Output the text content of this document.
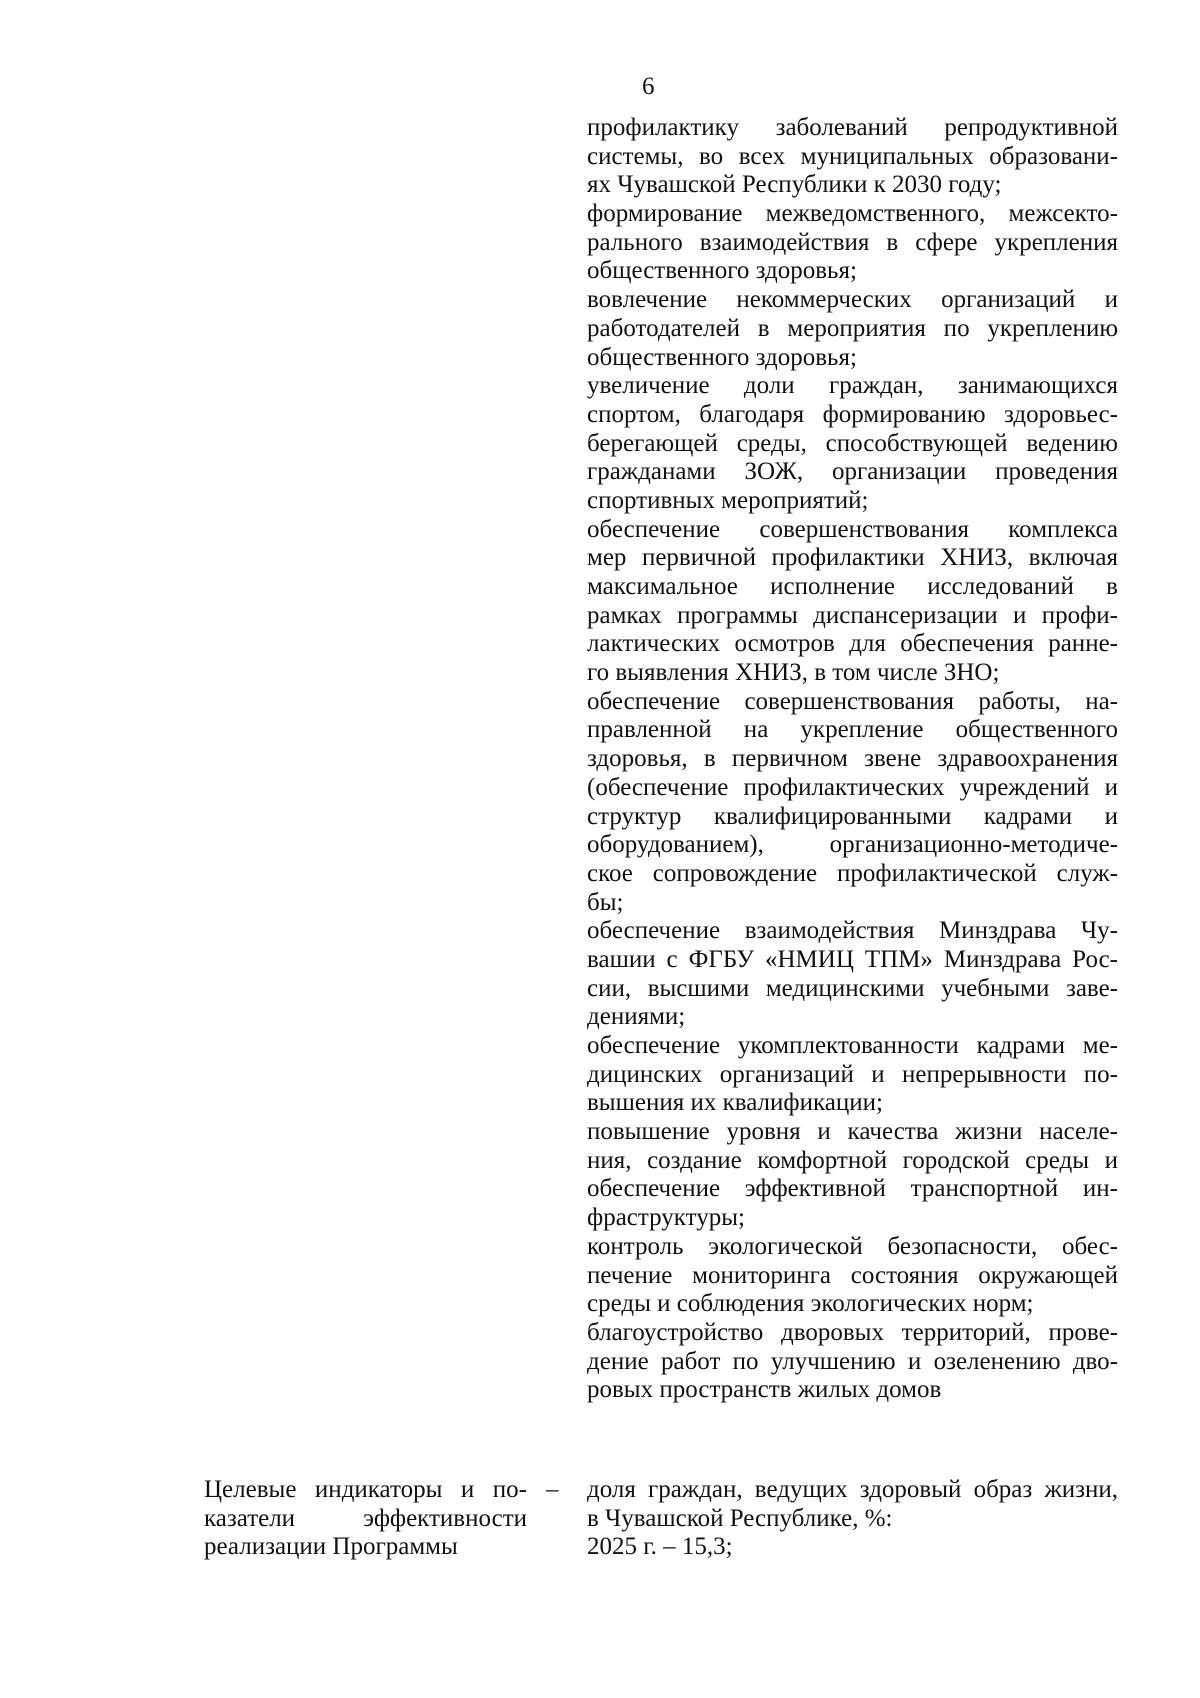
6
профилактику заболеваний репродуктивной
системы, во всех муниципальных образовани-
ях Чувашской Республики к 2030 году;
формирование межведомственного, межсекто-
рального взаимодействия в сфере укрепления
общественного здоровья;
вовлечение некоммерческих организаций и
работодателей в мероприятия по укреплению
общественного здоровья;
увеличение доли граждан, занимающихся
спортом, благодаря формированию здоровьес-
берегающей среды, способствующей ведению
гражданами ЗОЖ, организации проведения
спортивных мероприятий;
обеспечение совершенствования комплекса
мер первичной профилактики ХНИЗ, включая
максимальное исполнение исследований в
рамках программы диспансеризации и профи-
лактических осмотров для обеспечения ранне-
го выявления ХНИЗ, в том числе ЗНО;
обеспечение совершенствования работы, на-
правленной на укрепление общественного
здоровья, в первичном звене здравоохранения
(обеспечение профилактических учреждений и
структур квалифицированными кадрами и
оборудованием), организационно-методиче-
ское сопровождение профилактической служ-
бы;
обеспечение взаимодействия Минздрава Чу-
вашии с ФГБУ «НМИЦ ТПМ» Минздрава Рос-
сии, высшими медицинскими учебными заве-
дениями;
обеспечение укомплектованности кадрами ме-
дицинских организаций и непрерывности по-
вышения их квалификации;
повышение уровня и качества жизни населе-
ния, создание комфортной городской среды и
обеспечение эффективной транспортной ин-
фраструктуры;
контроль экологической безопасности, обес-
печение мониторинга состояния окружающей
среды и соблюдения экологических норм;
благоустройство дворовых территорий, прове-
дение работ по улучшению и озеленению дво-
ровых пространств жилых домов
Целевые индикаторы и по-
казатели эффективности
реализации Программы
– доля граждан, ведущих здоровый образ жизни,
в Чувашской Республике, %:
2025 г. – 15,3;
